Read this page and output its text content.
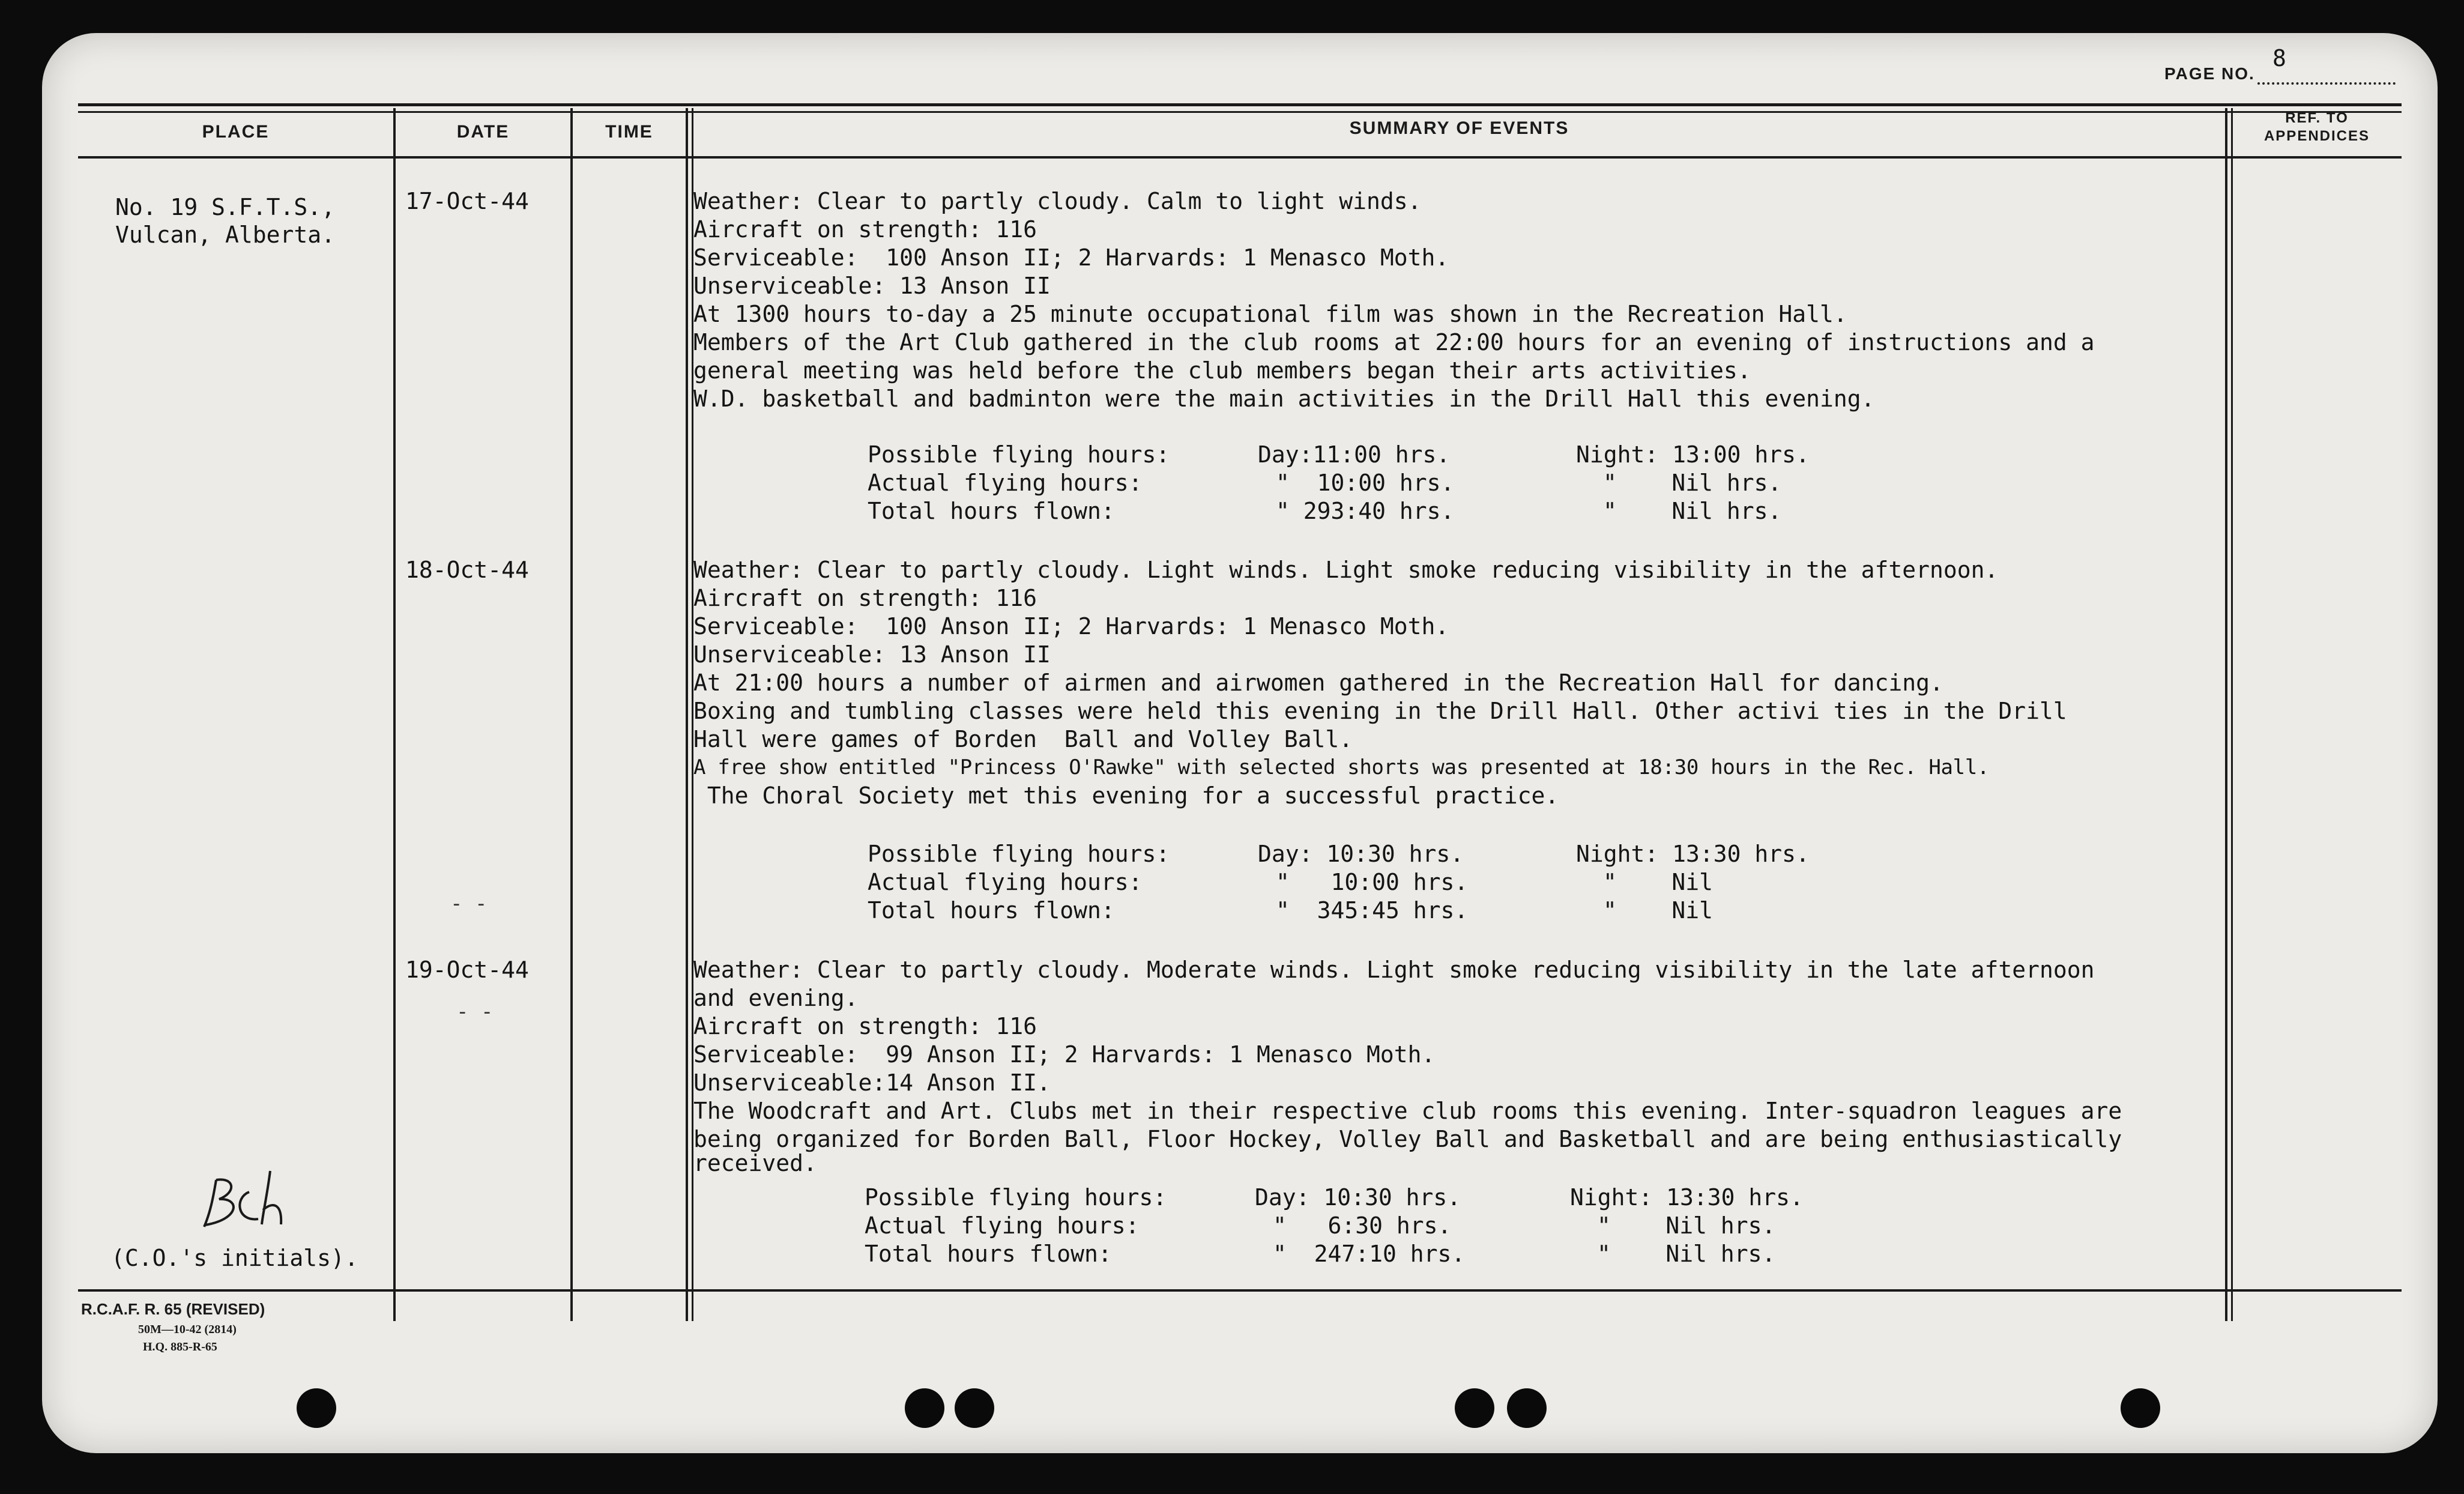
PAGE NO.
8
PLACE	DATE	TIME	SUMMARY OF EVENTS
REF. TO
APPENDICES
No. 19 S.F.T.S.,
Vulcan, Alberta.
17-Oct-44	Weather: Clear to partly cloudy. Calm to light winds.
Aircraft on strength: 116
Serviceable:  100 Anson II; 2 Harvards: 1 Menasco Moth.
Unserviceable: 13 Anson II
At 1300 hours to-day a 25 minute occupational film was shown in the Recreation Hall.
Members of the Art Club gathered in the club rooms at 22:00 hours for an evening of instructions and a
general meeting was held before the club members began their arts activities.
W.D. basketball and badminton were the main activities in the Drill Hall this evening.
Possible flying hours:	Day:11:00 hrs.	Night: 13:00 hrs.
Actual flying hours:	"  10:00 hrs.	"    Nil hrs.
Total hours flown:	" 293:40 hrs.	"    Nil hrs.
18-Oct-44	Weather: Clear to partly cloudy. Light winds. Light smoke reducing visibility in the afternoon.
Aircraft on strength: 116
Serviceable:  100 Anson II; 2 Harvards: 1 Menasco Moth.
Unserviceable: 13 Anson II
At 21:00 hours a number of airmen and airwomen gathered in the Recreation Hall for dancing.
Boxing and tumbling classes were held this evening in the Drill Hall. Other activi ties in the Drill
Hall were games of Borden  Ball and Volley Ball.
A free show entitled "Princess O'Rawke" with selected shorts was presented at 18:30 hours in the Rec. Hall.
The Choral Society met this evening for a successful practice.
Possible flying hours:	Day: 10:30 hrs.	Night: 13:30 hrs.
Actual flying hours:	"   10:00 hrs.	"    Nil
Total hours flown:	"  345:45 hrs.	"    Nil
19-Oct-44	Weather: Clear to partly cloudy. Moderate winds. Light smoke reducing visibility in the late afternoon
and evening.
Aircraft on strength: 116
Serviceable:  99 Anson II; 2 Harvards: 1 Menasco Moth.
Unserviceable:14 Anson II.
The Woodcraft and Art. Clubs met in their respective club rooms this evening. Inter-squadron leagues are
being organized for Borden Ball, Floor Hockey, Volley Ball and Basketball and are being enthusiastically
received.
Possible flying hours:	Day: 10:30 hrs.	Night: 13:30 hrs.
Actual flying hours:	"   6:30 hrs.	"    Nil hrs.
Total hours flown:	"  247:10 hrs.	"    Nil hrs.
- -
- -
(C.O.'s initials).
R.C.A.F. R. 65 (REVISED)
50M—10-42 (2814)
H.Q. 885-R-65
